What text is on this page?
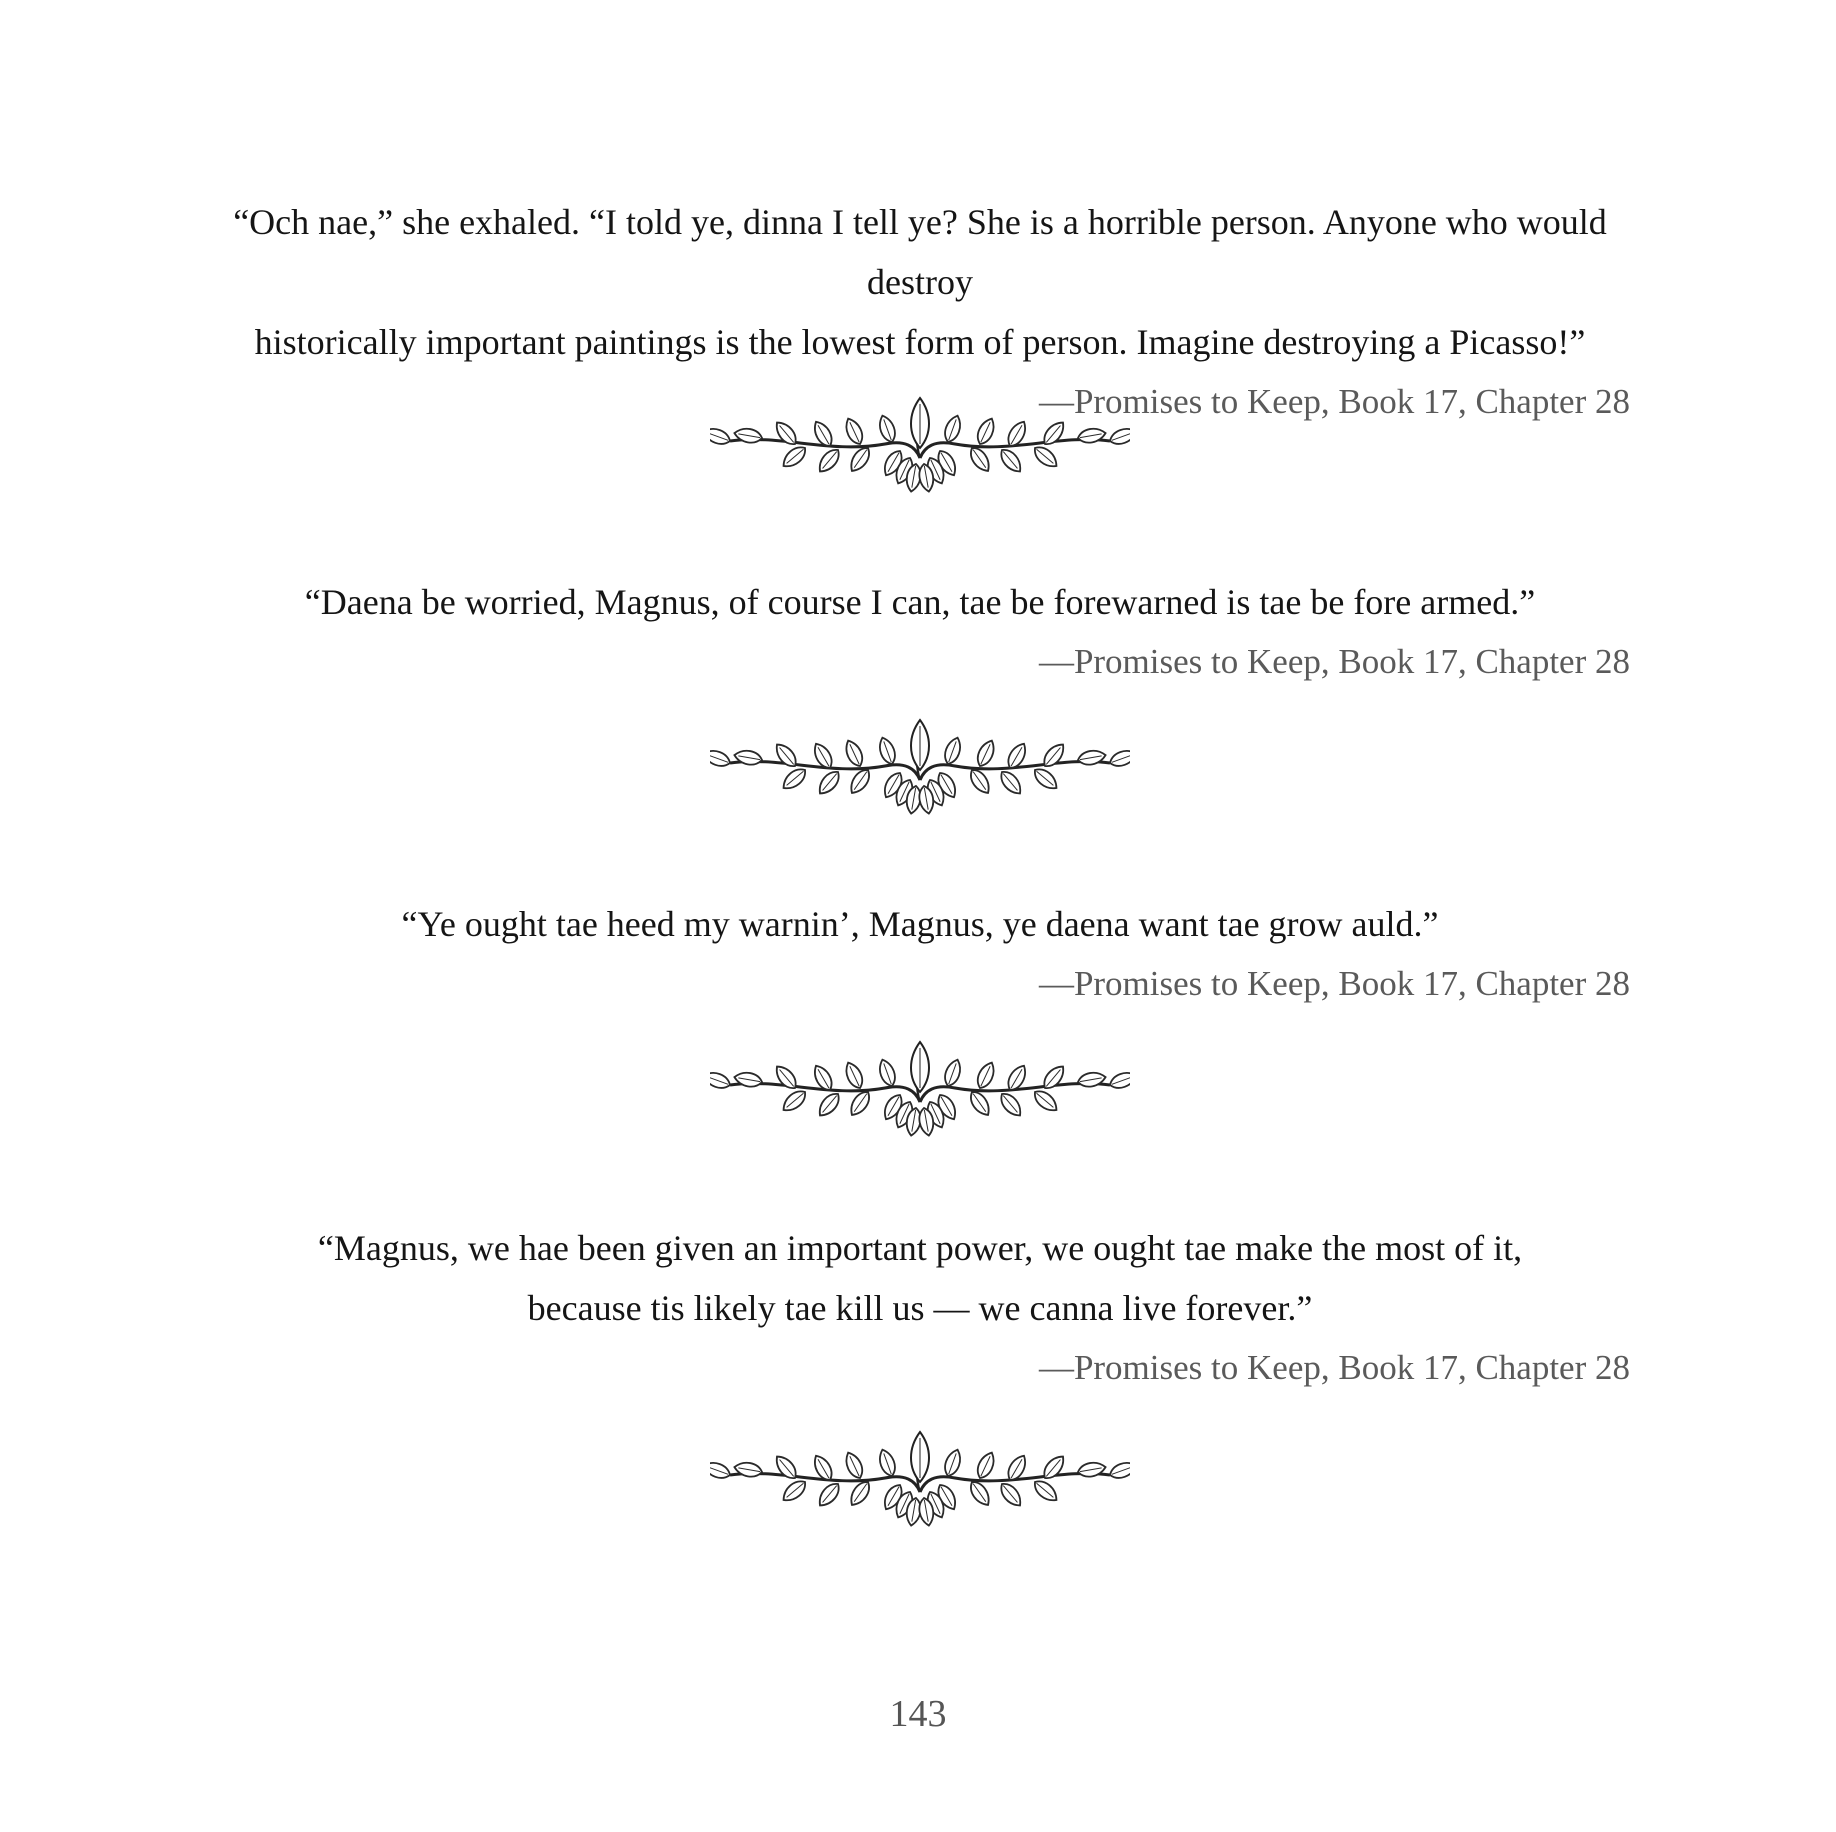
“Och nae,” she exhaled. “I told ye, dinna I tell ye? She is a horrible person. Anyone who would destroy
historically important paintings is the lowest form of person. Imagine destroying a Picasso!”

—Promises to Keep, Book 17, Chapter 28

“Daena be worried, Magnus, of course I can, tae be forewarned is tae be fore armed.”

—Promises to Keep, Book 17, Chapter 28

“Ye ought tae heed my warnin’, Magnus, ye daena want tae grow auld.”

—Promises to Keep, Book 17, Chapter 28

“Magnus, we hae been given an important power, we ought tae make the most of it,
because tis likely tae kill us — we canna live forever.”

—Promises to Keep, Book 17, Chapter 28

143
